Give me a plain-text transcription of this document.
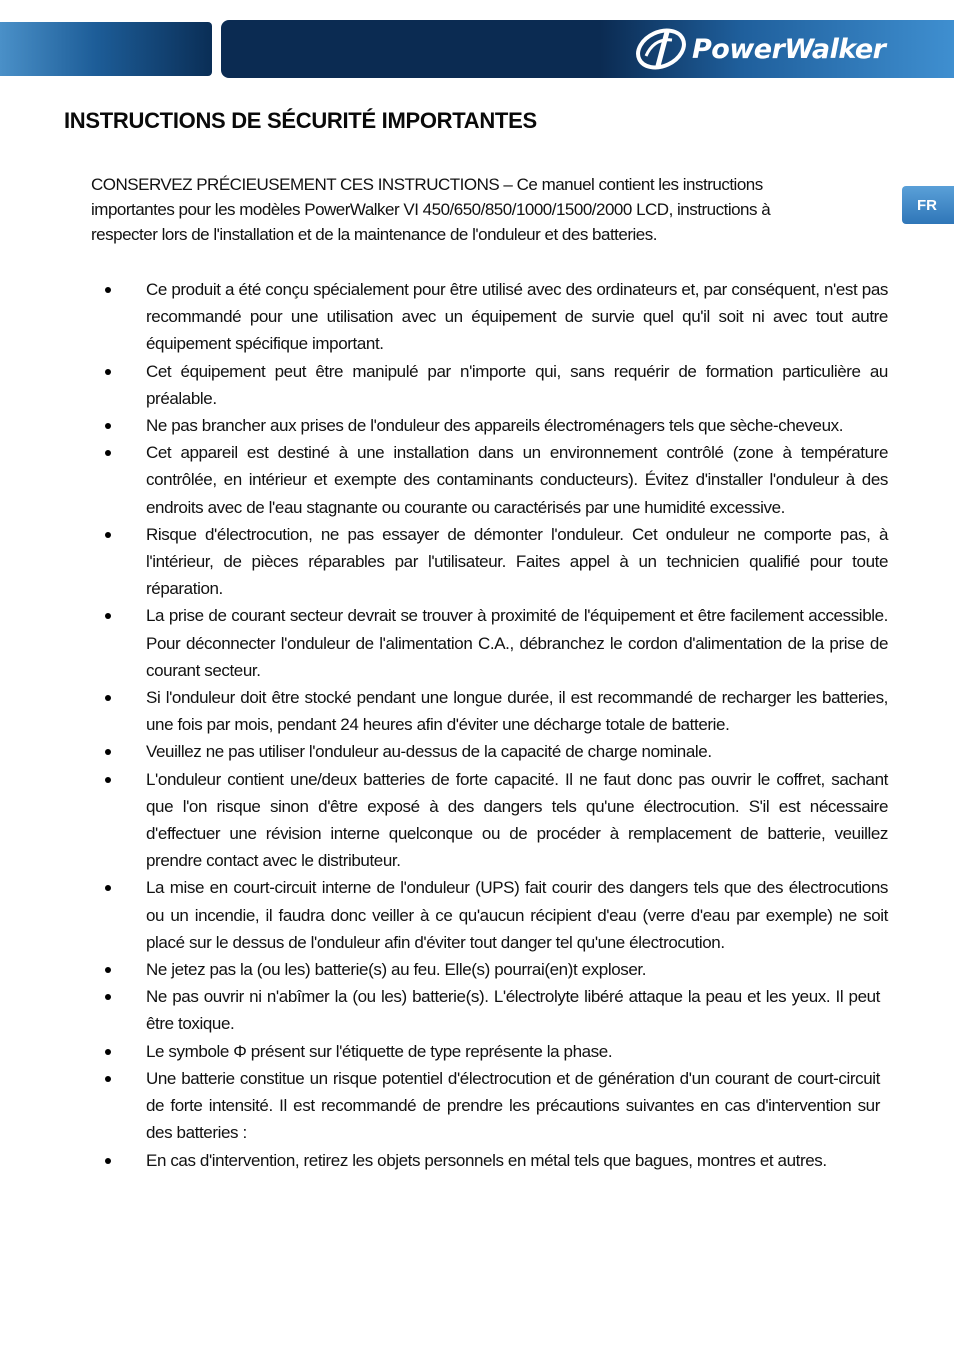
PowerWalker
FR
INSTRUCTIONS DE SÉCURITÉ IMPORTANTES

CONSERVEZ PRÉCIEUSEMENT CES INSTRUCTIONS – Ce manuel contient les instructions
importantes pour les modèles PowerWalker VI 450/650/850/1000/1500/2000 LCD, instructions à
respecter lors de l'installation et de la maintenance de l'onduleur et des batteries.

Ce produit a été conçu spécialement pour être utilisé avec des ordinateurs et, par conséquent, n'est pas recommandé pour une utilisation avec un équipement de survie quel qu'il soit ni avec tout autre équipement spécifique important.
Cet équipement peut être manipulé par n'importe qui, sans requérir de formation particulière au préalable.
Ne pas brancher aux prises de l'onduleur des appareils électroménagers tels que sèche-cheveux.
Cet appareil est destiné à une installation dans un environnement contrôlé (zone à température contrôlée, en intérieur et exempte des contaminants conducteurs). Évitez d'installer l'onduleur à des endroits avec de l'eau stagnante ou courante ou caractérisés par une humidité excessive.
Risque d'électrocution, ne pas essayer de démonter l'onduleur. Cet onduleur ne comporte pas, à l'intérieur, de pièces réparables par l'utilisateur. Faites appel à un technicien qualifié pour toute réparation.
La prise de courant secteur devrait se trouver à proximité de l'équipement et être facilement accessible. Pour déconnecter l'onduleur de l'alimentation C.A., débranchez le cordon d'alimentation de la prise de courant secteur.
Si l'onduleur doit être stocké pendant une longue durée, il est recommandé de recharger les batteries, une fois par mois, pendant 24 heures afin d'éviter une décharge totale de batterie.
Veuillez ne pas utiliser l'onduleur au-dessus de la capacité de charge nominale.
L'onduleur contient une/deux batteries de forte capacité. Il ne faut donc pas ouvrir le coffret, sachant que l'on risque sinon d'être exposé à des dangers tels qu'une électrocution. S'il est nécessaire d'effectuer une révision interne quelconque ou de procéder à remplacement de batterie, veuillez prendre contact avec le distributeur.
La mise en court-circuit interne de l'onduleur (UPS) fait courir des dangers tels que des électrocutions ou un incendie, il faudra donc veiller à ce qu'aucun récipient d'eau (verre d'eau par exemple) ne soit placé sur le dessus de l'onduleur afin d'éviter tout danger tel qu'une électrocution.
Ne jetez pas la (ou les) batterie(s) au feu. Elle(s) pourrai(en)t exploser.
Ne pas ouvrir ni n'abîmer la (ou les) batterie(s). L'électrolyte libéré attaque la peau et les yeux. Il peut être toxique.
Le symbole Φ présent sur l'étiquette de type représente la phase.
Une batterie constitue un risque potentiel d'électrocution et de génération d'un courant de court-circuit de forte intensité. Il est recommandé de prendre les précautions suivantes en cas d'intervention sur des batteries :
En cas d'intervention, retirez les objets personnels en métal tels que bagues, montres et autres.
